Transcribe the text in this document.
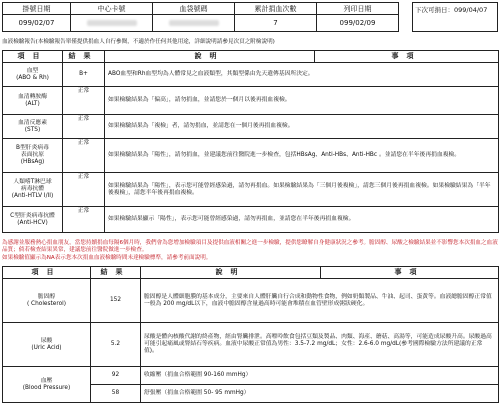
掛號日期	中心卡號	血袋號碼	累計捐血次數	列印日期
099/02/07			7	099/02/09
下次可捐日：099/04/07
血液檢驗報告(本檢驗報告單僅提供捐血人自行參閱，不適於作任何其他用途，詳細說明請參見次頁之附檢說明)
項目	結果	說明	事項

血型
(ABO & Rh)	B+	ABO血型和Rh血型均為人體常見之血液類型，其類型係由先天遺傳基因所決定。	

血清轉胺酶
(ALT)	正常	如果檢驗結果為「偏高」，請勿捐血，並請您於一個月以後再捐血複檢。	

血清反應素
(STS)	正常	如果檢驗結果為「複檢」者，請勿捐血，並請您在一個月後再捐血複檢。	

B型肝炎病毒
表面抗原
(HBsAg)	正常	如果檢驗結果為「陽性」，請勿捐血，並建議您前往醫院進一步檢查，包括HBsAg、Anti-HBs、Anti-HBc 。並請您在半年後再捐血複檢。	

人類嗜T淋巴球
病毒抗體
(Anti-HTLV I/II)	正常	如果檢驗結果為「陽性」，表示您可能曾經感染過，請勿再捐血。如果檢驗結果為「三個月後複檢」，請您三個月後再捐血複檢。如果檢驗結果為「半年後複檢」，請您半年後再捐血複檢。	

C型肝炎病毒抗體
(Anti-HCV)	正常	如果檢驗結果顯示「陽性」，表示您可能曾經感染過，請勿再捐血，並請您在半年後再捐血複檢。	
為感謝並服務熱心捐血朋友，當您持續捐血每隔6個月時，我們會為您增加檢驗項目及提供血液相關之進一步檢驗，提供您瞭解自身健康狀況之參考。膽固醇、尿酸之檢驗結果並不影響您本次捐血之血液品質；倘若檢查結果異常，建議您前往醫院做進一步檢查。
如果檢驗值顯示為NA表示您本次捐血血液檢驗時間未達檢驗標準，請參考前面說明。
項目	結果	說明	事項

膽固醇
( Cholesterol)	152	膽固醇是人體細胞膜的基本成分，主要來自人體肝臟自行合成和動物性食物，例如奶類製品、牛油、起司、蛋黃等。血液總膽固醇正常值一般為 200 mg/dL以下，血液中膽固醇含量過高時可能會堆積在血管壁形成粥狀硬化。	

尿酸
(Uric Acid)	5.2	尿酸是體內核酸代謝的終產物，經由腎臟排泄。高嘌呤飲食包括豆類及製品、肉類、海產、蘑菇、高湯等，可能造成尿酸升高。尿酸過高可能引起痛風或腎結石等疾病。血液中尿酸正常值為男性：3.5-7.2 mg/dL；女性：2.6-6.0 mg/dL(參考國際檢驗方法所建議的正常值)。	

血壓
(Blood Pressure)	92	收縮壓（捐血合格範圍 90-160 mmHg）	
	58	舒張壓（捐血合格範圍 50- 95 mmHg）	
